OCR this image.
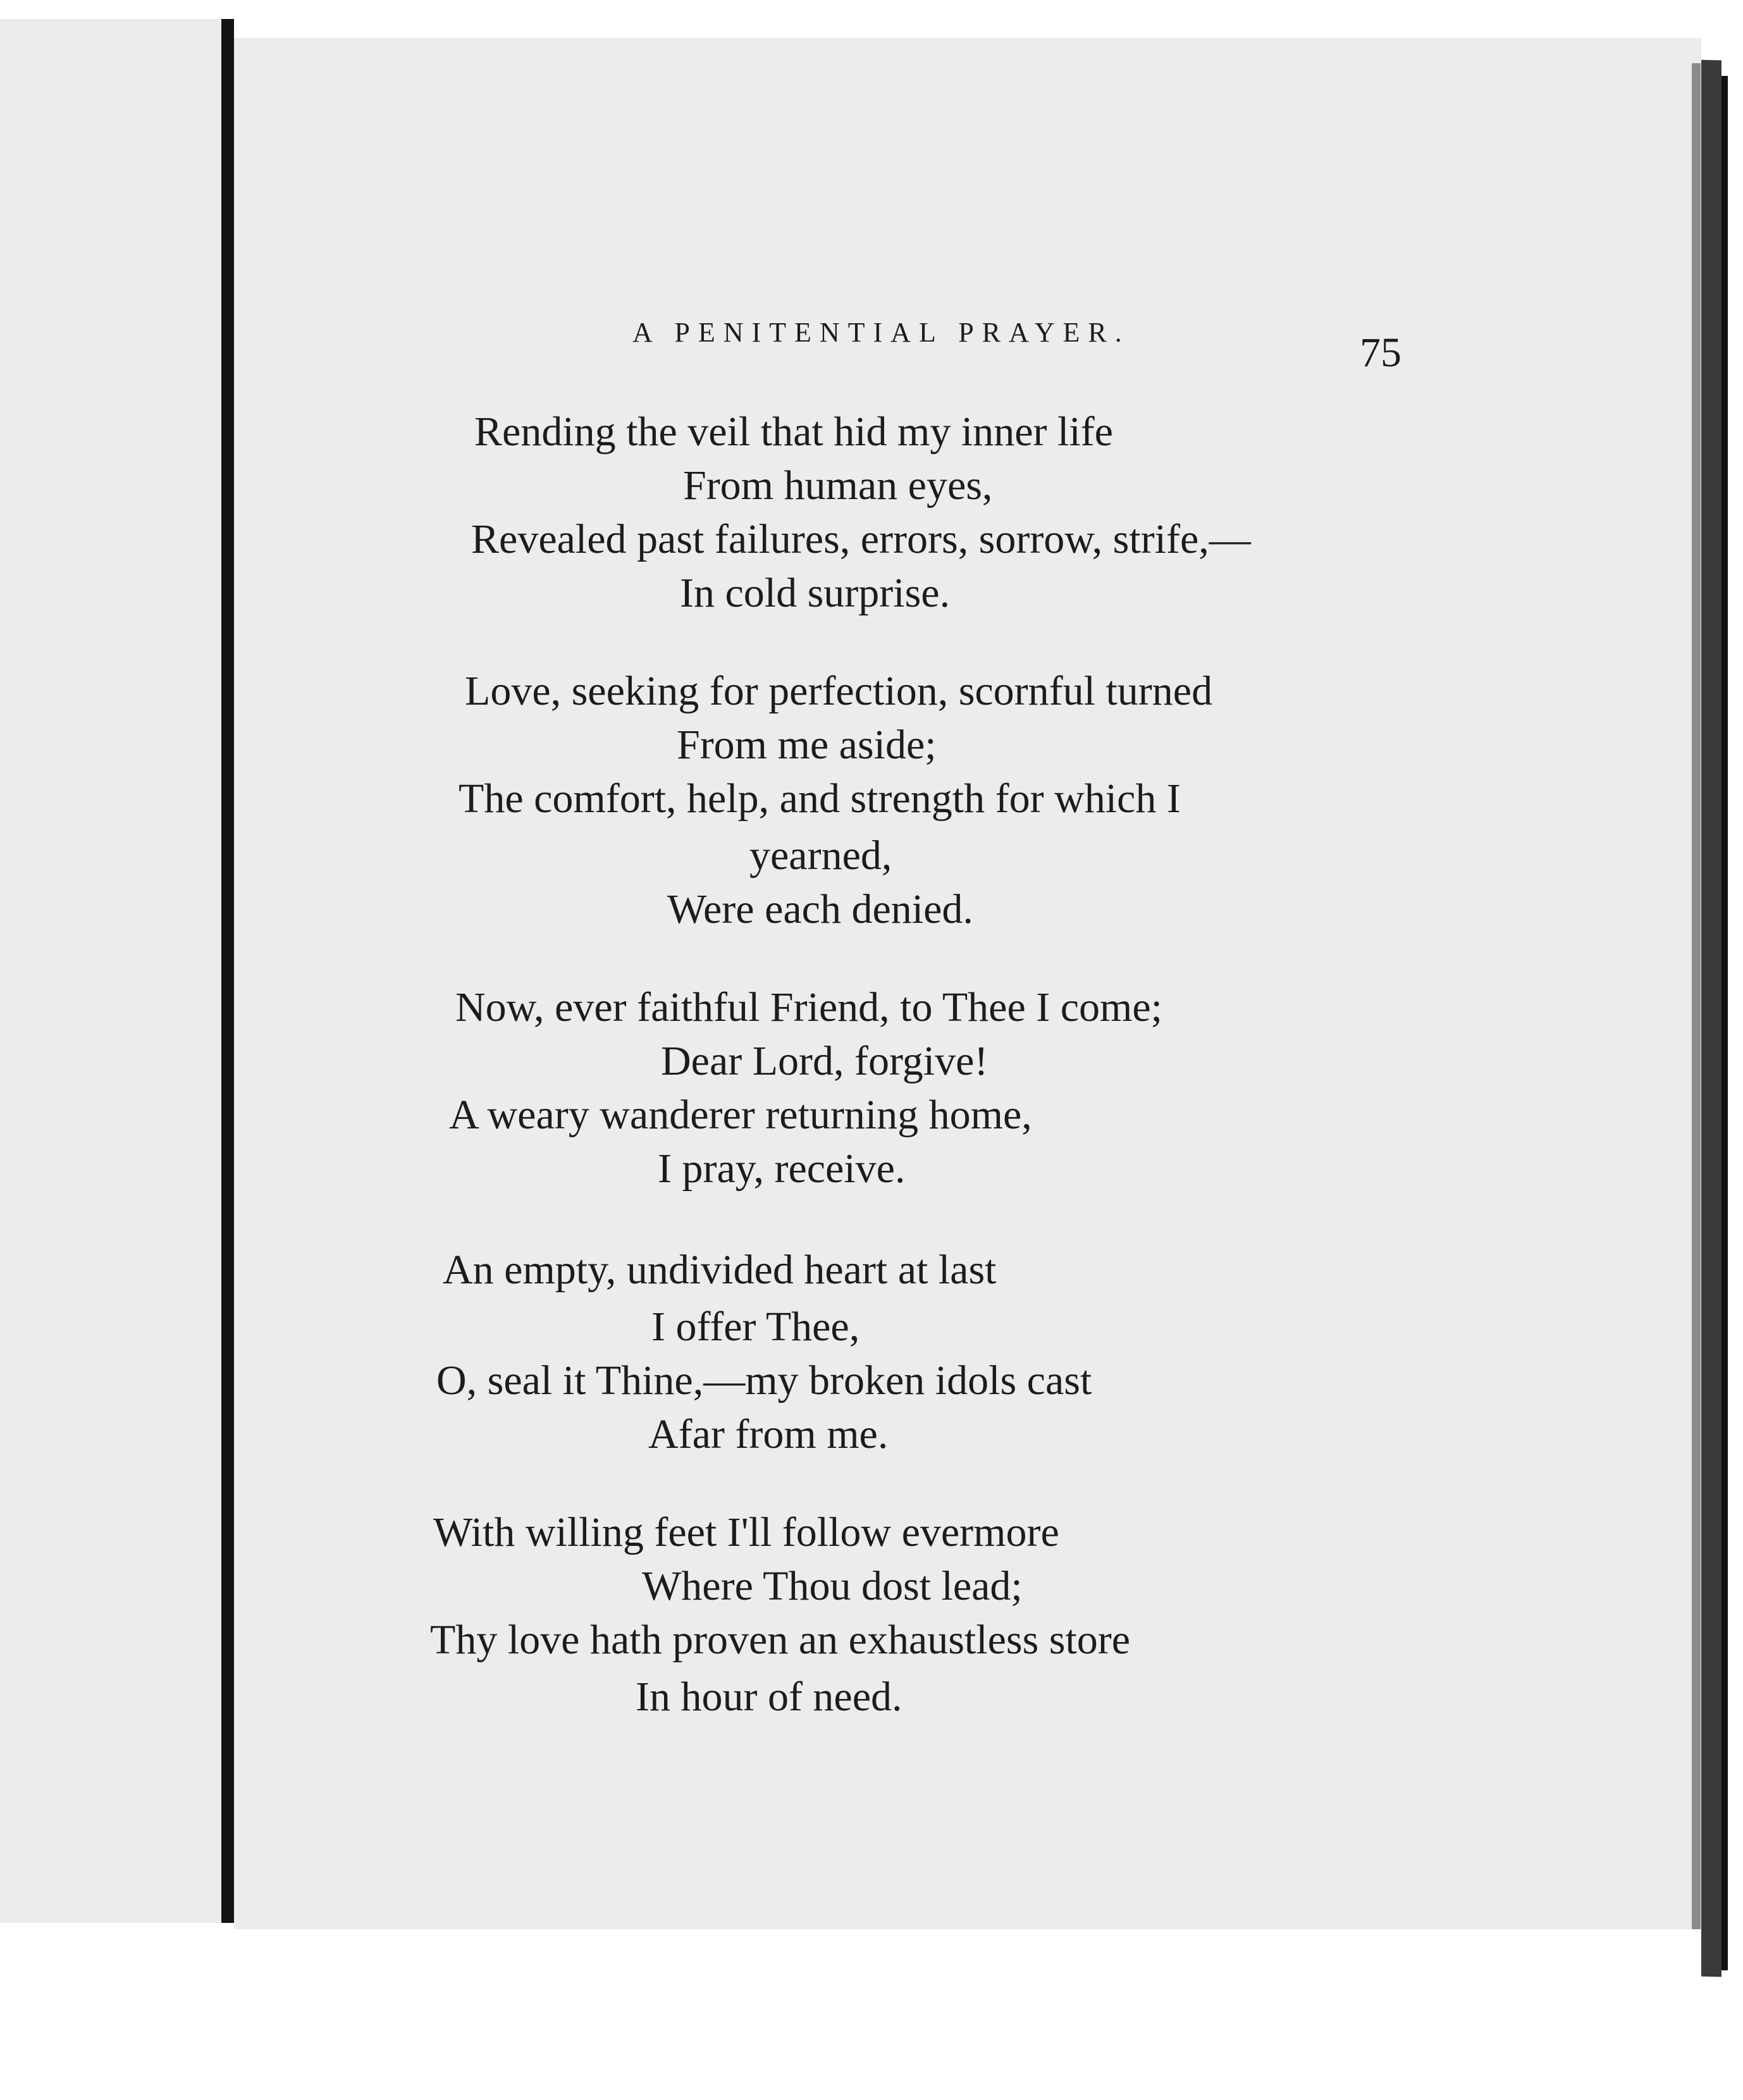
A PENITENTIAL PRAYER.	75
Rending the veil that hid my inner life
From human eyes,
Revealed past failures, errors, sorrow, strife,—
In cold surprise.
Love, seeking for perfection, scornful turned
From me aside;
The comfort, help, and strength for which I
yearned,
Were each denied.
Now, ever faithful Friend, to Thee I come;
Dear Lord, forgive!
A weary wanderer returning home,
I pray, receive.
An empty, undivided heart at last
I offer Thee,
O, seal it Thine,—my broken idols cast
Afar from me.
With willing feet I'll follow evermore
Where Thou dost lead;
Thy love hath proven an exhaustless store
In hour of need.
